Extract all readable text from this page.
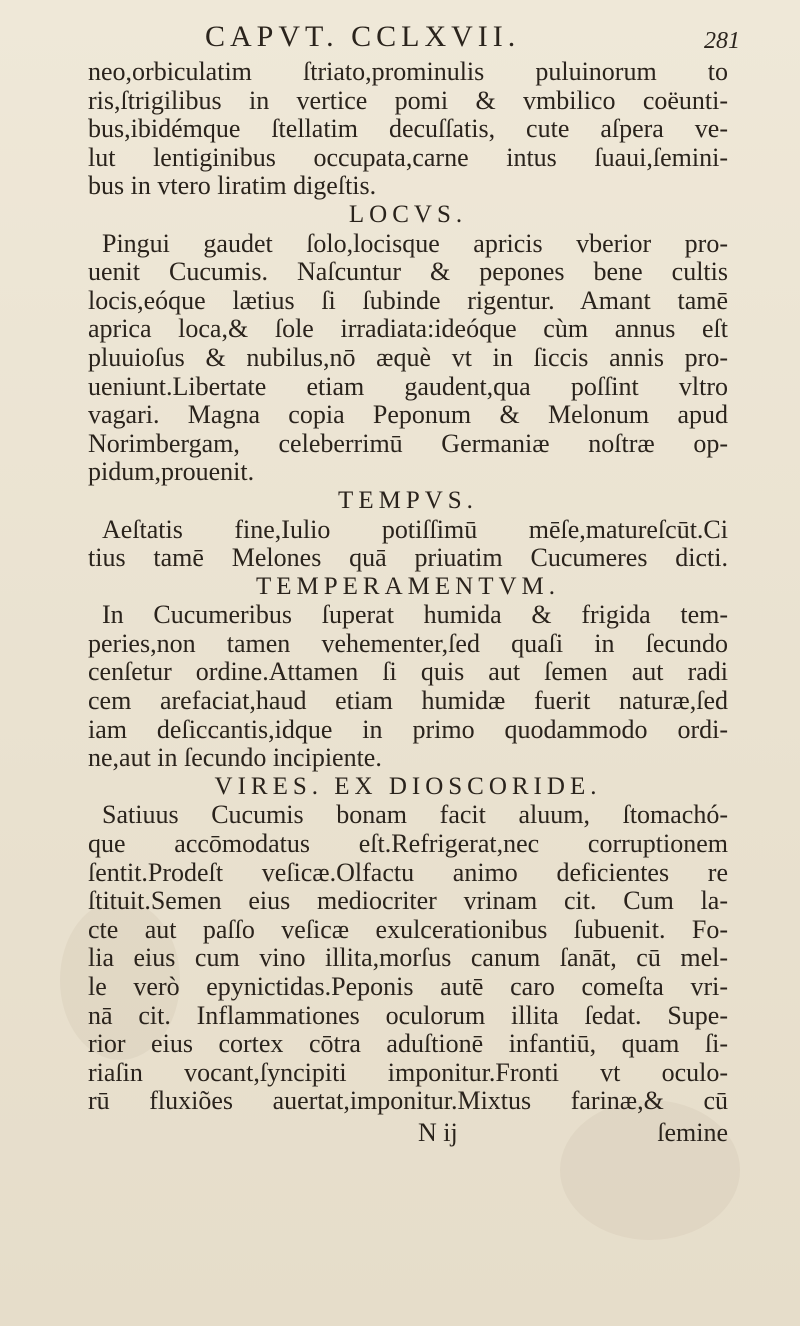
CAPVT. CCLXVII.	281
neo,orbiculatim ſtriato,prominulis puluinorum to
ris,ſtrigilibus in vertice pomi & vmbilico coëunti-
bus,ibidémque ſtellatim decuſſatis, cute aſpera ve-
lut lentiginibus occupata,carne intus ſuaui,ſemini-
bus in vtero liratim digeſtis.
LOCVS.
Pingui gaudet ſolo,locisque apricis vberior pro-
uenit Cucumis. Naſcuntur & pepones bene cultis
locis,eóque lætius ſi ſubinde rigentur. Amant tamē
aprica loca,& ſole irradiata:ideóque cùm annus eſt
pluuioſus & nubilus,nō æquè vt in ſiccis annis pro-
ueniunt.Libertate etiam gaudent,qua poſſint vltro
vagari. Magna copia Peponum & Melonum apud
Norimbergam, celeberrimū Germaniæ noſtræ op-
pidum,prouenit.
TEMPVS.
Aeſtatis fine,Iulio potiſſimū mēſe,matureſcūt.Ci
tius tamē Melones quā priuatim Cucumeres dicti.
TEMPERAMENTVM.
In Cucumeribus ſuperat humida & frigida tem-
peries,non tamen vehementer,ſed quaſi in ſecundo
cenſetur ordine.Attamen ſi quis aut ſemen aut radi
cem arefaciat,haud etiam humidæ fuerit naturæ,ſed
iam deſiccantis,idque in primo quodammodo ordi-
ne,aut in ſecundo incipiente.
VIRES. EX DIOSCORIDE.
Satiuus Cucumis bonam facit aluum, ſtomachó-
que accōmodatus eſt.Refrigerat,nec corruptionem
ſentit.Prodeſt veſicæ.Olfactu animo deficientes re
ſtituit.Semen eius mediocriter vrinam cit. Cum la-
cte aut paſſo veſicæ exulcerationibus ſubuenit. Fo-
lia eius cum vino illita,morſus canum ſanāt, cū mel-
le verò epynictidas.Peponis autē caro comeſta vri-
nā cit. Inflammationes oculorum illita ſedat. Supe-
rior eius cortex cōtra aduſtionē infantiū, quam ſi-
riaſin vocant,ſyncipiti imponitur.Fronti vt oculo-
rū fluxiões auertat,imponitur.Mixtus farinæ,& cū
N ij	ſemine
